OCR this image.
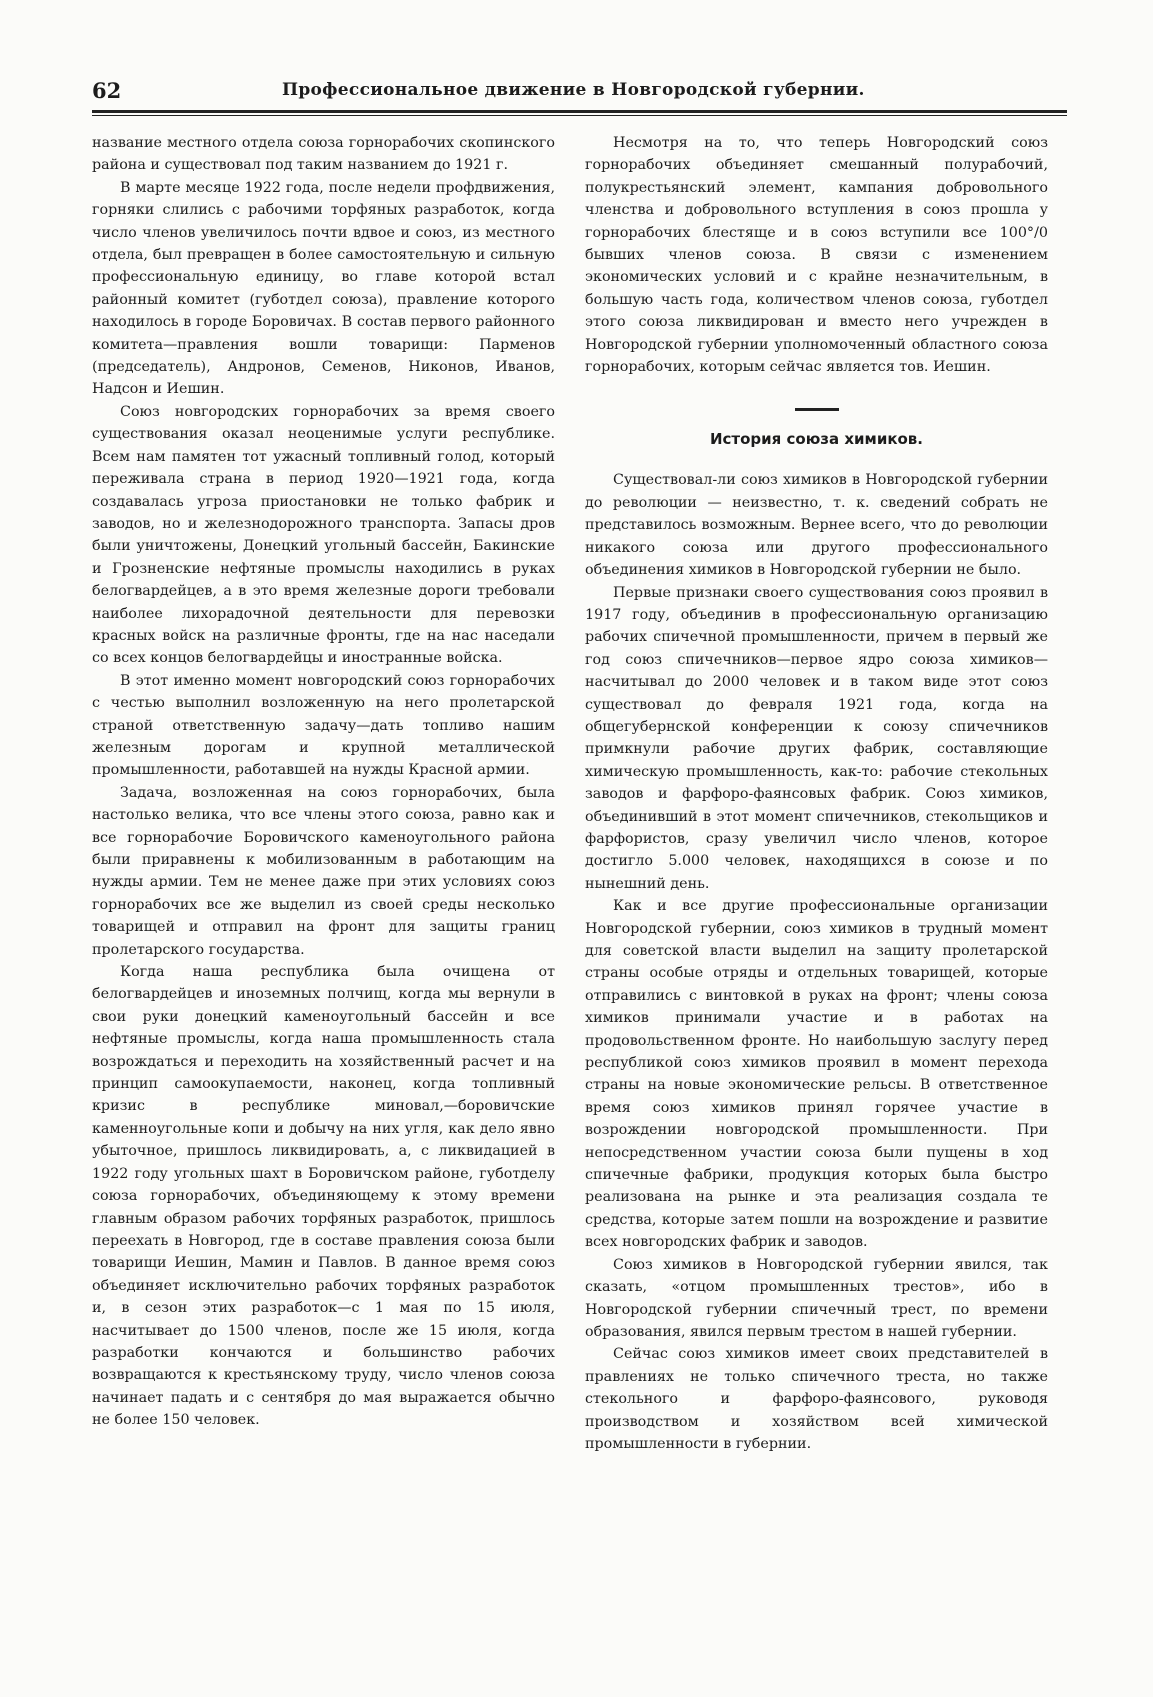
62	Профессиональное движение в Новгородской губернии.

название местного отдела союза горнорабочих скопинского района и существовал под таким названием до 1921 г.

В марте месяце 1922 года, после недели профдвижения, горняки слились с рабочими торфяных разработок, когда число членов увеличилось почти вдвое и союз, из местного отдела, был превращен в более самостоятельную и сильную профессиональную единицу, во главе которой встал районный комитет (губотдел союза), правление которого находилось в городе Боровичах. В состав первого районного комитета—правления вошли товарищи: Парменов (председатель), Андронов, Семенов, Никонов, Иванов, Надсон и Иешин.

Союз новгородских горнорабочих за время своего существования оказал неоценимые услуги республике. Всем нам памятен тот ужасный топливный голод, который переживала страна в период 1920—1921 года, когда создавалась угроза приостановки не только фабрик и заводов, но и железнодорожного транспорта. Запасы дров были уничтожены, Донецкий угольный бассейн, Бакинские и Грозненские нефтяные промыслы находились в руках белогвардейцев, а в это время железные дороги требовали наиболее лихорадочной деятельности для перевозки красных войск на различные фронты, где на нас наседали со всех концов белогвардейцы и иностранные войска.

В этот именно момент новгородский союз горнорабочих с честью выполнил возложенную на него пролетарской страной ответственную задачу—дать топливо нашим железным дорогам и крупной металлической промышленности, работавшей на нужды Красной армии.

Задача, возложенная на союз горнорабочих, была настолько велика, что все члены этого союза, равно как и все горнорабочие Боровичского каменоугольного района были приравнены к мобилизованным в работающим на нужды армии. Тем не менее даже при этих условиях союз горнорабочих все же выделил из своей среды несколько товарищей и отправил на фронт для защиты границ пролетарского государства.

Когда наша республика была очищена от белогвардейцев и иноземных полчищ, когда мы вернули в свои руки донецкий каменоугольный бассейн и все нефтяные промыслы, когда наша промышленность стала возрождаться и переходить на хозяйственный расчет и на принцип самоокупаемости, наконец, когда топливный кризис в республике миновал,—боровичские каменноугольные копи и добычу на них угля, как дело явно убыточное, пришлось ликвидировать, а, с ликвидацией в 1922 году угольных шахт в Боровичском районе, губотделу союза горнорабочих, объединяющему к этому времени главным образом рабочих торфяных разработок, пришлось переехать в Новгород, где в составе правления союза были товарищи Иешин, Мамин и Павлов. В данное время союз объединяет исключительно рабочих торфяных разработок и, в сезон этих разработок—с 1 мая по 15 июля, насчитывает до 1500 членов, после же 15 июля, когда разработки кончаются и большинство рабочих возвращаются к крестьянскому труду, число членов союза начинает падать и с сентября до мая выражается обычно не более 150 человек.

Несмотря на то, что теперь Новгородский союз горнорабочих объединяет смешанный полурабочий, полукрестьянский элемент, кампания добровольного членства и добровольного вступления в союз прошла у горнорабочих блестяще и в союз вступили все 100°/0 бывших членов союза. В связи с изменением экономических условий и с крайне незначительным, в большую часть года, количеством членов союза, губотдел этого союза ликвидирован и вместо него учрежден в Новгородской губернии уполномоченный областного союза горнорабочих, которым сейчас является тов. Иешин.

История союза химиков.

Существовал-ли союз химиков в Новгородской губернии до революции — неизвестно, т. к. сведений собрать не представилось возможным. Вернее всего, что до революции никакого союза или другого профессионального объединения химиков в Новгородской губернии не было.

Первые признаки своего существования союз проявил в 1917 году, объединив в профессиональную организацию рабочих спичечной промышленности, причем в первый же год союз спичечников—первое ядро союза химиков—насчитывал до 2000 человек и в таком виде этот союз существовал до февраля 1921 года, когда на общегубернской конференции к союзу спичечников примкнули рабочие других фабрик, составляющие химическую промышленность, как-то: рабочие стекольных заводов и фарфоро-фаянсовых фабрик. Союз химиков, объединивший в этот момент спичечников, стекольщиков и фарфористов, сразу увеличил число членов, которое достигло 5.000 человек, находящихся в союзе и по нынешний день.

Как и все другие профессиональные организации Новгородской губернии, союз химиков в трудный момент для советской власти выделил на защиту пролетарской страны особые отряды и отдельных товарищей, которые отправились с винтовкой в руках на фронт; члены союза химиков принимали участие и в работах на продовольственном фронте. Но наибольшую заслугу перед республикой союз химиков проявил в момент перехода страны на новые экономические рельсы. В ответственное время союз химиков принял горячее участие в возрождении новгородской промышленности. При непосредственном участии союза были пущены в ход спичечные фабрики, продукция которых была быстро реализована на рынке и эта реализация создала те средства, которые затем пошли на возрождение и развитие всех новгородских фабрик и заводов.

Союз химиков в Новгородской губернии явился, так сказать, «отцом промышленных трестов», ибо в Новгородской губернии спичечный трест, по времени образования, явился первым трестом в нашей губернии.

Сейчас союз химиков имеет своих представителей в правлениях не только спичечного треста, но также стекольного и фарфоро-фаянсового, руководя производством и хозяйством всей химической промышленности в губернии.
